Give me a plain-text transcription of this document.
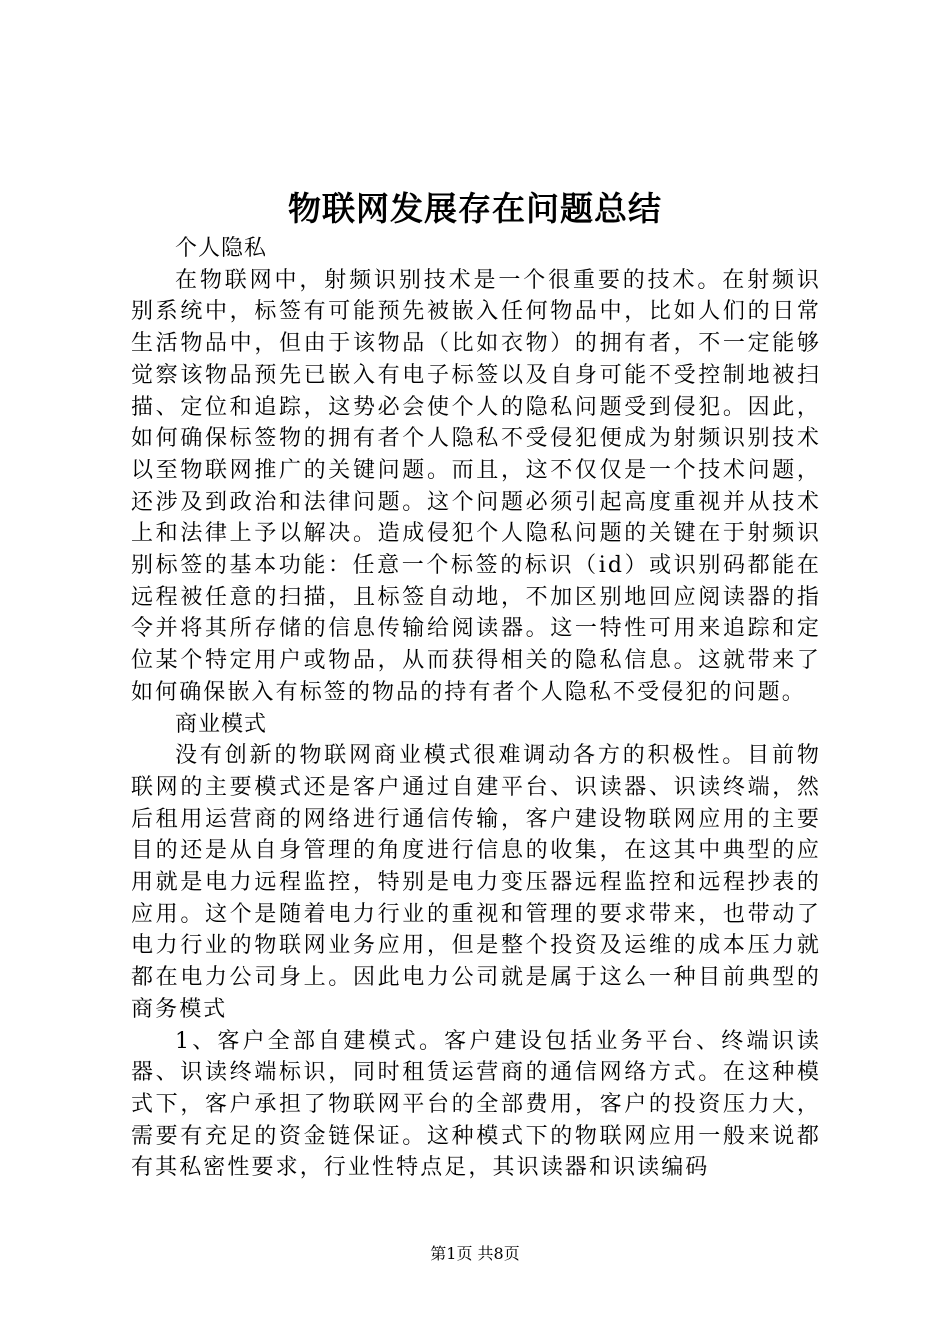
物联网发展存在问题总结

个人隐私

在物联网中，射频识别技术是一个很重要的技术。在射频识别系统中，标签有可能预先被嵌入任何物品中，比如人们的日常生活物品中，但由于该物品（比如衣物）的拥有者，不一定能够觉察该物品预先已嵌入有电子标签以及自身可能不受控制地被扫描、定位和追踪，这势必会使个人的隐私问题受到侵犯。因此，如何确保标签物的拥有者个人隐私不受侵犯便成为射频识别技术以至物联网推广的关键问题。而且，这不仅仅是一个技术问题，还涉及到政治和法律问题。这个问题必须引起高度重视并从技术上和法律上予以解决。造成侵犯个人隐私问题的关键在于射频识别标签的基本功能：任意一个标签的标识（id）或识别码都能在远程被任意的扫描，且标签自动地，不加区别地回应阅读器的指令并将其所存储的信息传输给阅读器。这一特性可用来追踪和定位某个特定用户或物品，从而获得相关的隐私信息。这就带来了如何确保嵌入有标签的物品的持有者个人隐私不受侵犯的问题。

商业模式

没有创新的物联网商业模式很难调动各方的积极性。目前物联网的主要模式还是客户通过自建平台、识读器、识读终端，然后租用运营商的网络进行通信传输，客户建设物联网应用的主要目的还是从自身管理的角度进行信息的收集，在这其中典型的应用就是电力远程监控，特别是电力变压器远程监控和远程抄表的应用。这个是随着电力行业的重视和管理的要求带来，也带动了电力行业的物联网业务应用，但是整个投资及运维的成本压力就都在电力公司身上。因此电力公司就是属于这么一种目前典型的商务模式

1、客户全部自建模式。客户建设包括业务平台、终端识读器、识读终端标识，同时租赁运营商的通信网络方式。在这种模式下，客户承担了物联网平台的全部费用，客户的投资压力大，需要有充足的资金链保证。这种模式下的物联网应用一般来说都有其私密性要求，行业性特点足，其识读器和识读编码

第1页 共8页
